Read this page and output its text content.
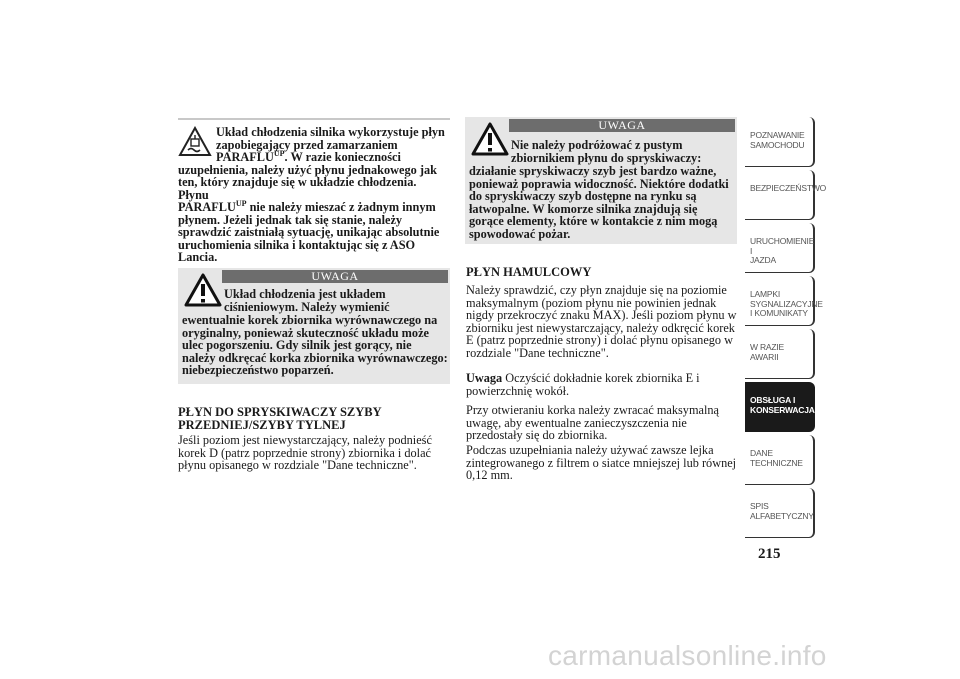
Układ chłodzenia silnika wykorzystuje płyn zapobiegający przed zamarzaniem
$PARAFLU^{UP}$. W razie konieczności

uzupełnienia, należy użyć płynu jednakowego jak ten, który znajduje się w układzie chłodzenia. Płynu
$PARAFLU^{UP}$ nie należy mieszać z żadnym innym płynem. Jeżeli jednak tak się stanie, należy sprawdzić zaistniałą sytuację, unikając absolutnie uruchomienia silnika i kontaktując się z ASO Lancia.

UWAGA

Układ chłodzenia jest układem ciśnieniowym. Należy wymienić

ewentualnie korek zbiornika wyrównawczego na oryginalny, ponieważ skuteczność układu może ulec pogorszeniu. Gdy silnik jest gorący, nie należy odkręcać korka zbiornika wyrównawczego: niebezpieczeństwo poparzeń.

PŁYN DO SPRYSKIWACZY SZYBY
PRZEDNIEJ/SZYBY TYLNEJ

Jeśli poziom jest niewystarczający, należy podnieść korek D (patrz poprzednie strony) zbiornika i dolać płynu opisanego w rozdziale "Dane techniczne".

UWAGA

Nie należy podróżować z pustym zbiornikiem płynu do spryskiwaczy:

działanie spryskiwaczy szyb jest bardzo ważne, ponieważ poprawia widoczność. Niektóre dodatki do spryskiwaczy szyb dostępne na rynku są łatwopalne. W komorze silnika znajdują się gorące elementy, które w kontakcie z nim mogą spowodować pożar.

PŁYN HAMULCOWY

Należy sprawdzić, czy płyn znajduje się na poziomie maksymalnym (poziom płynu nie powinien jednak nigdy przekroczyć znaku MAX). Jeśli poziom płynu w zbiorniku jest niewystarczający, należy odkręcić korek E (patrz poprzednie strony) i dolać płynu opisanego w rozdziale "Dane techniczne".

Uwaga Oczyścić dokładnie korek zbiornika E i powierzchnię wokół.

Przy otwieraniu korka należy zwracać maksymalną uwagę, aby ewentualne zanieczyszczenia nie przedostały się do zbiornika.

Podczas uzupełniania należy używać zawsze lejka zintegrowanego z filtrem o siatce mniejszej lub równej 0,12 mm.

POZNAWANIE
SAMOCHODU
BEZPIECZEŃSTWO
URUCHOMIENIE I
JAZDA
LAMPKI
SYGNALIZACYJNE
I KOMUNIKATY
W RAZIE AWARII
OBSŁUGA I
KONSERWACJA
DANE
TECHNICZNE
SPIS
ALFABETYCZNY
215
carmanualsonline.info
